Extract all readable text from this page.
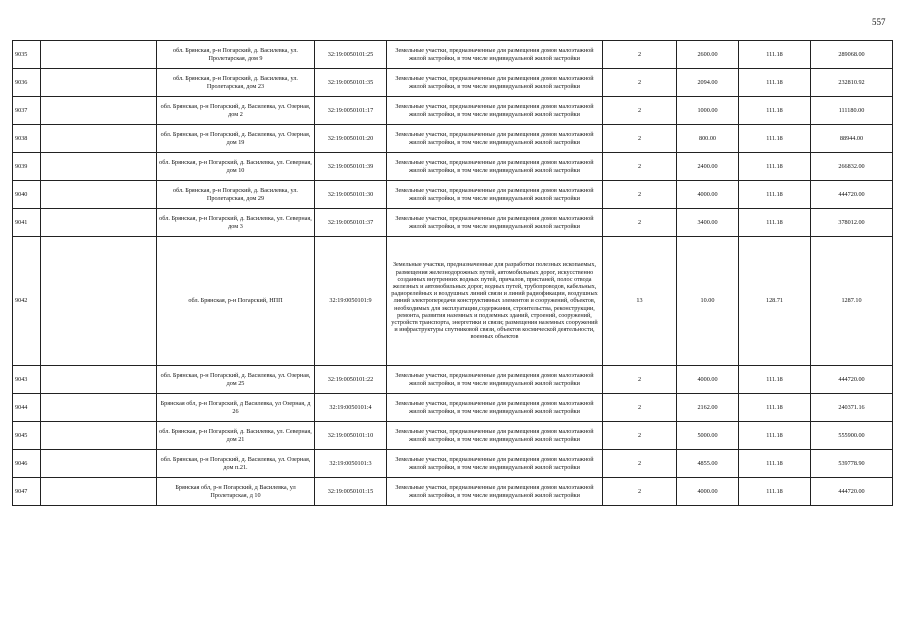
557
9035		обл. Брянская, р-н Погарский, д. Василевка, ул. Пролетарская, дом 9	32:19:0050101:25	Земельные участки, предназначенные для размещения домов малоэтажной жилой застройки, в том числе индивидуальной жилой застройки	2	2600.00	111.18	289068.00
9036		обл. Брянская, р-н Погарский, д. Василевка, ул. Пролетарская, дом 23	32:19:0050101:35	Земельные участки, предназначенные для размещения домов малоэтажной жилой застройки, в том числе индивидуальной жилой застройки	2	2094.00	111.18	232810.92
9037		обл. Брянская, р-н Погарский, д. Василевка, ул. Озерная, дом 2	32:19:0050101:17	Земельные участки, предназначенные для размещения домов малоэтажной жилой застройки, в том числе индивидуальной жилой застройки	2	1000.00	111.18	111180.00
9038		обл. Брянская, р-н Погарский, д. Василевка, ул. Озерная, дом 19	32:19:0050101:20	Земельные участки, предназначенные для размещения домов малоэтажной жилой застройки, в том числе индивидуальной жилой застройки	2	800.00	111.18	88944.00
9039		обл. Брянская, р-н Погарский, д. Василевка, ул. Северная, дом 10	32:19:0050101:39	Земельные участки, предназначенные для размещения домов малоэтажной жилой застройки, в том числе индивидуальной жилой застройки	2	2400.00	111.18	266832.00
9040		обл. Брянская, р-н Погарский, д. Василевка, ул. Пролетарская, дом 29	32:19:0050101:30	Земельные участки, предназначенные для размещения домов малоэтажной жилой застройки, в том числе индивидуальной жилой застройки	2	4000.00	111.18	444720.00
9041		обл. Брянская, р-н Погарский, д. Василевка, ул. Северная, дом 3	32:19:0050101:37	Земельные участки, предназначенные для размещения домов малоэтажной жилой застройки, в том числе индивидуальной жилой застройки	2	3400.00	111.18	378012.00
9042		обл. Брянская, р-н Погарский, НПП	32:19:0050101:9	Земельные участки, предназначенные для разработки полезных ископаемых, размещения железнодорожных путей, автомобильных дорог, искусственно созданных внутренних водных путей, причалов, пристаней, полос отвода железных и автомобильных дорог, водных путей, трубопроводов, кабельных, радиорелейных и воздушных линий связи и линий радиофикации, воздушных линий электропередачи конструктивных элементов и сооружений, объектов, необходимых для эксплуатации,содержания, строительства, реконструкции, ремонта, развития наземных и подземных зданий, строений, сооружений, устройств транспорта, энергетики и связи; размещения наземных сооружений и инфраструктуры спутниковой связи, объектов космической деятельности, военных объектов	13	10.00	128.71	1287.10
9043		обл. Брянская, р-н Погарский, д. Василевка, ул. Озерная, дом 25	32:19:0050101:22	Земельные участки, предназначенные для размещения домов малоэтажной жилой застройки, в том числе индивидуальной жилой застройки	2	4000.00	111.18	444720.00
9044		Брянская обл, р-н Погарский, д Василевка, ул Озерная, д 26	32:19:0050101:4	Земельные участки, предназначенные для размещения домов малоэтажной жилой застройки, в том числе индивидуальной жилой застройки	2	2162.00	111.18	240371.16
9045		обл. Брянская, р-н Погарский, д. Василевка, ул. Северная, дом 21	32:19:0050101:10	Земельные участки, предназначенные для размещения домов малоэтажной жилой застройки, в том числе индивидуальной жилой застройки	2	5000.00	111.18	555900.00
9046		обл. Брянская, р-н Погарский, д. Василевка, ул. Озерная, дом п.21.	32:19:0050101:3	Земельные участки, предназначенные для размещения домов малоэтажной жилой застройки, в том числе индивидуальной жилой застройки	2	4855.00	111.18	539778.90
9047		Брянская обл, р-н Погарский, д Василевка, ул Пролетарская, д 10	32:19:0050101:15	Земельные участки, предназначенные для размещения домов малоэтажной жилой застройки, в том числе индивидуальной жилой застройки	2	4000.00	111.18	444720.00
